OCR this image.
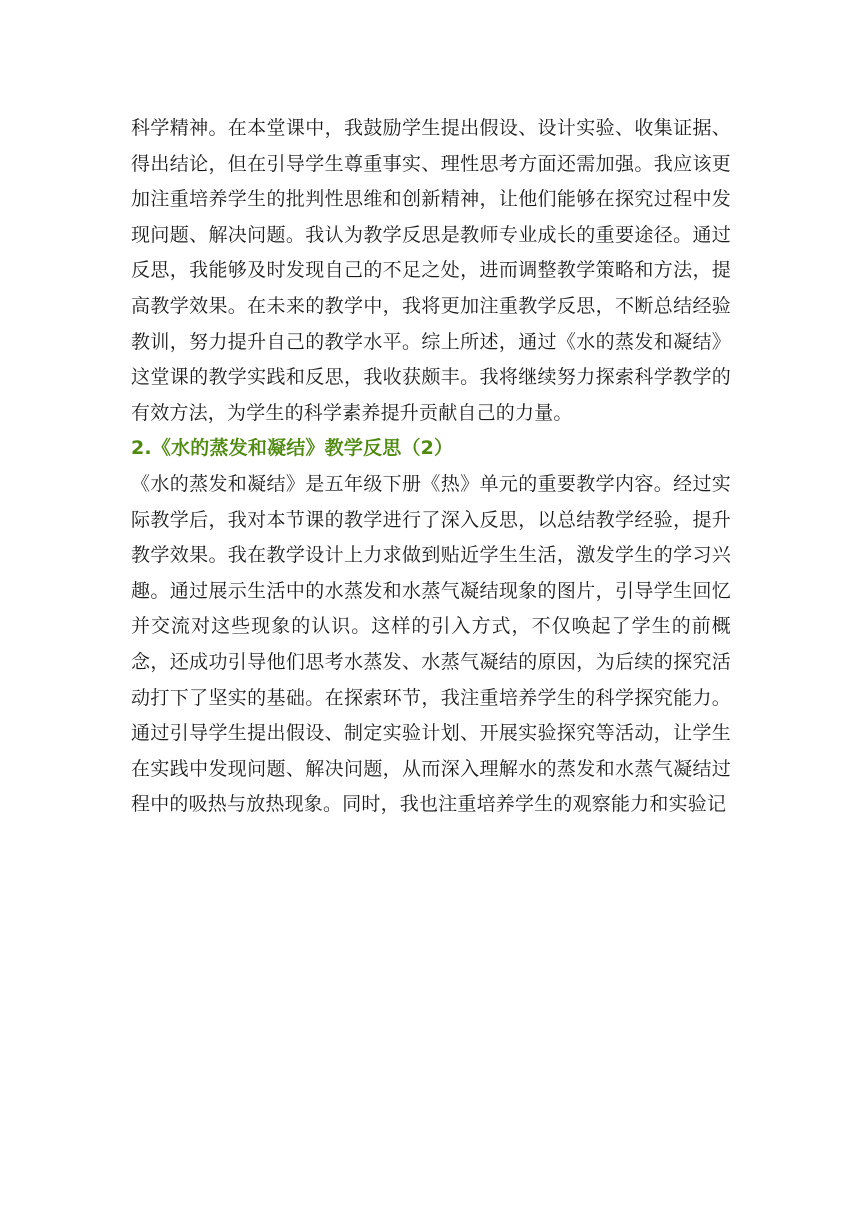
科学精神。在本堂课中，我鼓励学生提出假设、设计实验、收集证据、得出结论，但在引导学生尊重事实、理性思考方面还需加强。我应该更加注重培养学生的批判性思维和创新精神，让他们能够在探究过程中发现问题、解决问题。我认为教学反思是教师专业成长的重要途径。通过反思，我能够及时发现自己的不足之处，进而调整教学策略和方法，提高教学效果。在未来的教学中，我将更加注重教学反思，不断总结经验教训，努力提升自己的教学水平。综上所述，通过《水的蒸发和凝结》这堂课的教学实践和反思，我收获颇丰。我将继续努力探索科学教学的有效方法，为学生的科学素养提升贡献自己的力量。

2.《水的蒸发和凝结》教学反思（2）

《水的蒸发和凝结》是五年级下册《热》单元的重要教学内容。经过实际教学后，我对本节课的教学进行了深入反思，以总结教学经验，提升教学效果。我在教学设计上力求做到贴近学生生活，激发学生的学习兴趣。通过展示生活中的水蒸发和水蒸气凝结现象的图片，引导学生回忆并交流对这些现象的认识。这样的引入方式，不仅唤起了学生的前概念，还成功引导他们思考水蒸发、水蒸气凝结的原因，为后续的探究活动打下了坚实的基础。在探索环节，我注重培养学生的科学探究能力。通过引导学生提出假设、制定实验计划、开展实验探究等活动，让学生在实践中发现问题、解决问题，从而深入理解水的蒸发和水蒸气凝结过程中的吸热与放热现象。同时，我也注重培养学生的观察能力和实验记
